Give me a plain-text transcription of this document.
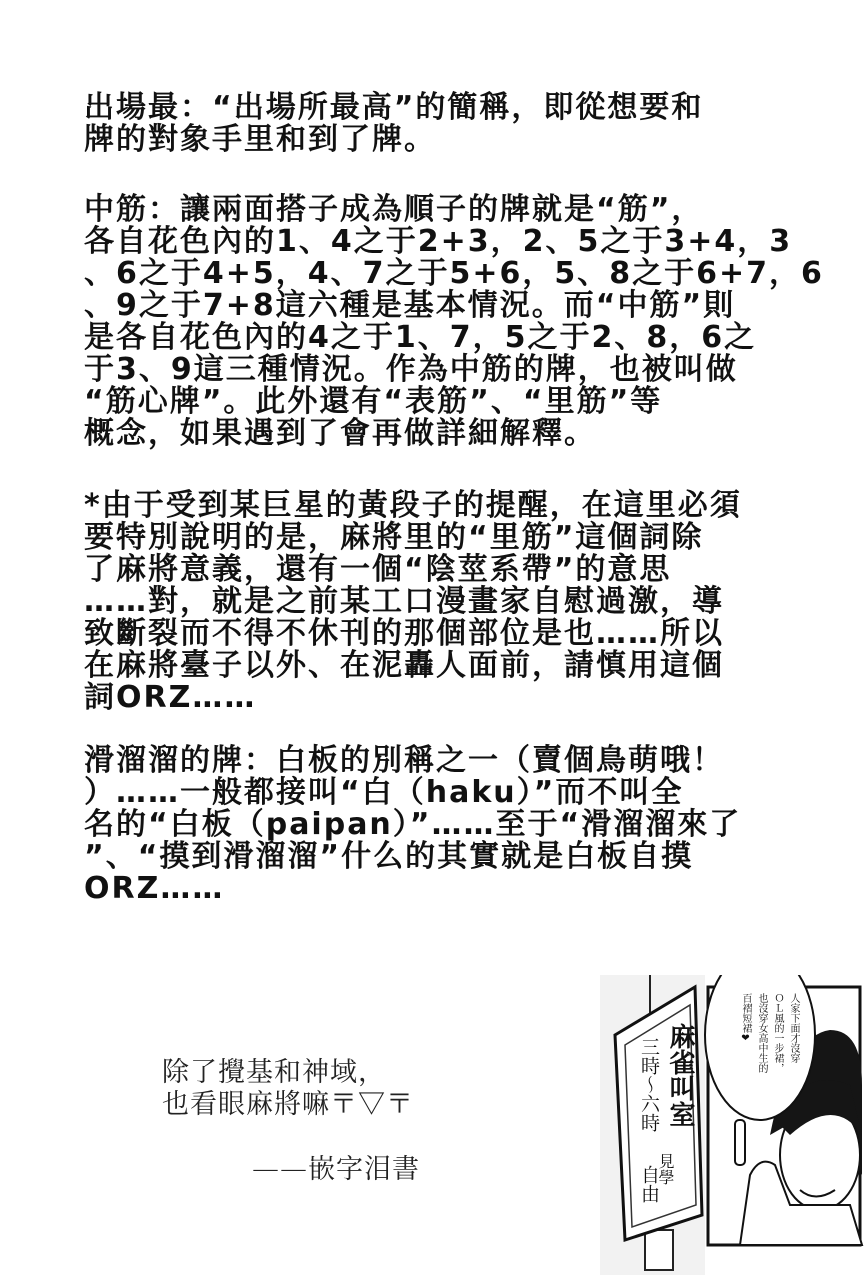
出場最：“出場所最高”的簡稱，即從想要和
牌的對象手里和到了牌。
中筋：讓兩面搭子成為順子的牌就是“筋”，
各自花色內的1、4之于2+3，2、5之于3+4，3
、6之于4+5，4、7之于5+6，5、8之于6+7，6
、9之于7+8這六種是基本情況。而“中筋”則
是各自花色內的4之于1、7，5之于2、8，6之
于3、9這三種情況。作為中筋的牌，也被叫做
“筋心牌”。此外還有“表筋”、“里筋”等
概念，如果遇到了會再做詳細解釋。
*由于受到某巨星的黃段子的提醒，在這里必須
要特別說明的是，麻將里的“里筋”這個詞除
了麻將意義，還有一個“陰莖系帶”的意思
……對，就是之前某工口漫畫家自慰過激，導
致斷裂而不得不休刊的那個部位是也……所以
在麻將臺子以外、在泥轟人面前，請慎用這個
詞ORZ……
滑溜溜的牌：白板的別稱之一（賣個鳥萌哦！
）……一般都接叫“白（haku）”而不叫全
名的“白板（paipan）”……至于“滑溜溜來了
”、“摸到滑溜溜”什么的其實就是白板自摸
ORZ……
除了攪基和神域，
也看眼麻將嘛〒▽〒
——嵌字泪書
麻雀叫室
三時～六時
自由
見學
人家下面才沒穿
ＯＬ風的一步裙，
也沒穿女高中生的
百褶短裙❤
